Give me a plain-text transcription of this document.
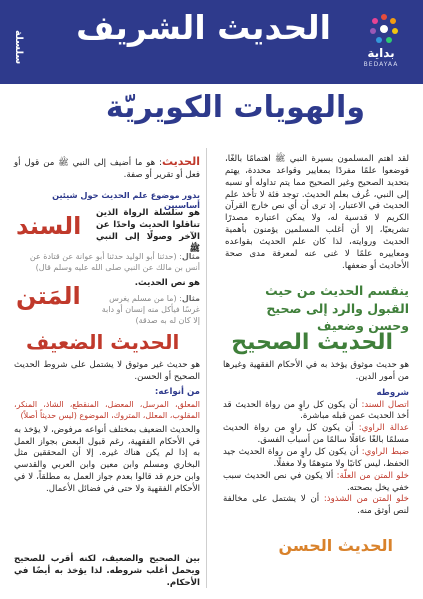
الحديث الشريف
بداية
BEDAYAA
سلسلة
والهويات الكويريّة
لقد اهتم المسلمون بسيرة النبي ﷺ اهتمامًا بالغًا، فوضعوا علمًا مفردًا بمعايير وقواعد محددة، يهتم بتحديد الصحيح وغير الصحيح مما يتم تداوله أو نسبه إلى النبي، عُرف بعلم الحديث. توجد فئة لا تأخذ علم الحديث في الاعتبار، إذ ترى أن أي نص خارج القرآن الكريم لا قدسية له، ولا يمكن اعتباره مصدرًا تشريعيًا، إلا أن أغلب المسلمين يؤمنون بأهمية الحديث وروايته، لذا كان علم الحديث بقواعده ومعاييره علمًا لا غنى عنه لمعرفة مدى صحة الأحاديث أو ضعفها.
ينقسم الحديث من حيث القبول والرد إلى صحيح وحسن وضعيف
الحديث الصحيح
هو حديث موثوق يؤخذ به في الأحكام الفقهية وغيرها من أمور الدين.
شروطه
اتصال السند: أن يكون كل راوٍ من رواة الحديث قد أخذ الحديث عمن قبله مباشرة.
عدالة الراوي: أن يكون كل راوٍ من رواة الحديث مسلمًا بالغًا عاقلًا سالمًا من أسباب الفسق.
ضبط الراوي: أن يكون كل راوٍ من رواة الحديث جيد الحفظ، ليس كاتبًا ولا متوهمًا ولا مغفلًا.
خلو المتن من العلّة: ألا يكون في نص الحديث سبب خفي يخل بصحته.
خلو المتن من الشذوذ: أن لا يشتمل على مخالفة لنص أوثق منه.
الحديث الحسن
الحديث: هو ما أضيف إلى النبي ﷺ من قول أو فعل أو تقرير أو صفة.
يدور موضوع علم الحديث حول شيئين أساسيين
هو سلسلة الرواة الذين تناقلوا الحديث واحدًا عن الآخر وصولًا إلى النبي ﷺ
السند
مثال: (حدثنا أبو الوليد حدثنا أبو عوانة عن قتادة عن أنس بن مالك عن النبي صلى الله عليه وسلم قال)
هو نص الحديث.
المَتن	مثال: (ما من مسلم يغرس غرسًا فيأكل منه إنسان أو دابة إلا كان له به صدقة)
الحديث الضعيف
هو حديث غير موثوق لا يشتمل على شروط الحديث الصحيح أو الحسن.
من أنواعه:
المعلق، المرسل، المعضل، المنقطع، الشاذ، المنكر، المقلوب، المعلل، المتروك، الموضوع (ليس حديثاً أصلاً)
والحديث الضعيف بمختلف أنواعه مرفوض، لا يؤخذ به في الأحكام الفقهية، رغم قبول البعض بجواز العمل به إذا لم يكن هناك غيره. إلا أن المحققين مثل البخاري ومسلم وابن معين وابن العربي والقدسي وابن حزم قد قالوا بعدم جواز العمل به مطلقاً، لا في الأحكام الفقهية ولا حتى في فضائل الأعمال.
بين الصحيح والضعيف، لكنه أقرب للصحيح ويحمل أغلب شروطه. لذا يؤخذ به أيضًا في الأحكام.
